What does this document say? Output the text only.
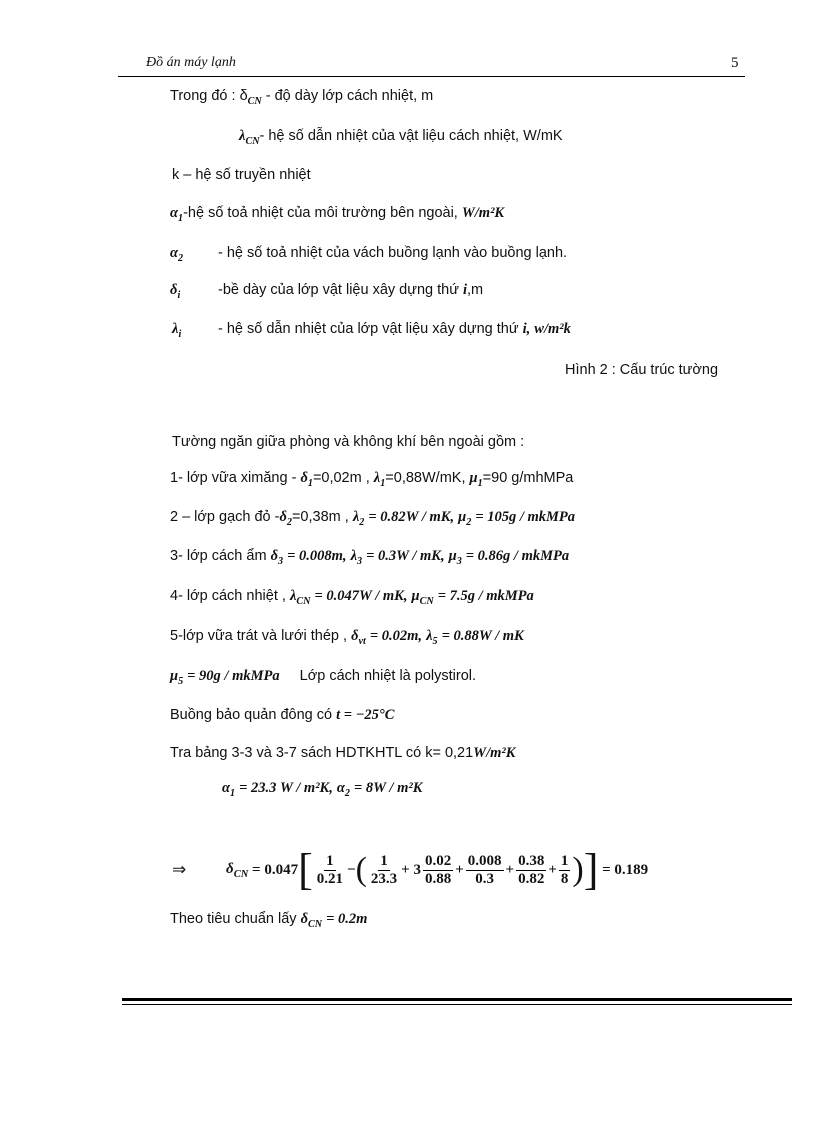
Đồ án máy lạnh	5
Trong đó : $\delta_{CN}$ - độ dày lớp cách nhiệt, m
$\lambda_{CN}-$ hệ số dẫn nhiệt của vật liệu cách nhiệt, W/mK
k – hệ số truyền nhiệt
$\alpha_1-hệ$ số toả nhiệt của môi trường bên ngoài, W/m²K
$\alpha_2$ - hệ số toả nhiệt của vách buồng lạnh vào buồng lạnh.
$\delta_i$	-bề dày của lớp vật liệu xây dựng thứ i,m
$\lambda_i$	- hệ số dẫn nhiệt của lớp vật liệu xây dựng thứ i, w/m²k
Hình 2 : Cấu trúc tường
Tường ngăn giữa phòng và không khí bên ngoài gồm :
1- lớp vữa ximăng - $\delta_1=0,02m$ , $\lambda_1=0,88W/mK$, $\mu_1=90$ g/mhMPa
2 – lớp gạch đỏ $-\delta_2=0,38m$ , $\lambda_2 = 0.82W$ / mK, $\mu_2 = 105g$ / mkMPa
3- lớp cách ẩm $\delta_3 = 0.008m$, $\lambda_3 = 0.3W$ / mK, $\mu_3 = 0.86g$ / mkMPa
4- lớp cách nhiệt , $\lambda_{CN} = 0.047W$ / mK, $\mu_{CN} = 7.5g$ / mkMPa
5-lớp vữa trát và lưới thép , $\delta_{vt} = 0.02m$, $\lambda_5 = 0.88W$ / mK
$\mu_5 = 90g$ / mkMPa Lớp cách nhiệt là polystirol.
Buồng bảo quản đông có t = −25°C
Tra bảng 3-3 và 3-7 sách HDTKHTL có k= 0,21W/m²K
$\alpha_1 = 23.3$ W / m²K, $\alpha_2 = 8W / m^2K$
⇒	$\delta_{CN}$
= 0.047 [ $\frac{1}{0.21}$ − ( $\frac{1}{23.3} + 3 \frac{0.02}{0.88} + \frac{0.008}{0.3} + \frac{0.38}{0.82} + \frac{1}{8}$ ) ]
= 0.189
Theo tiêu chuẩn lấy $\delta_{CN} = 0.2m$
